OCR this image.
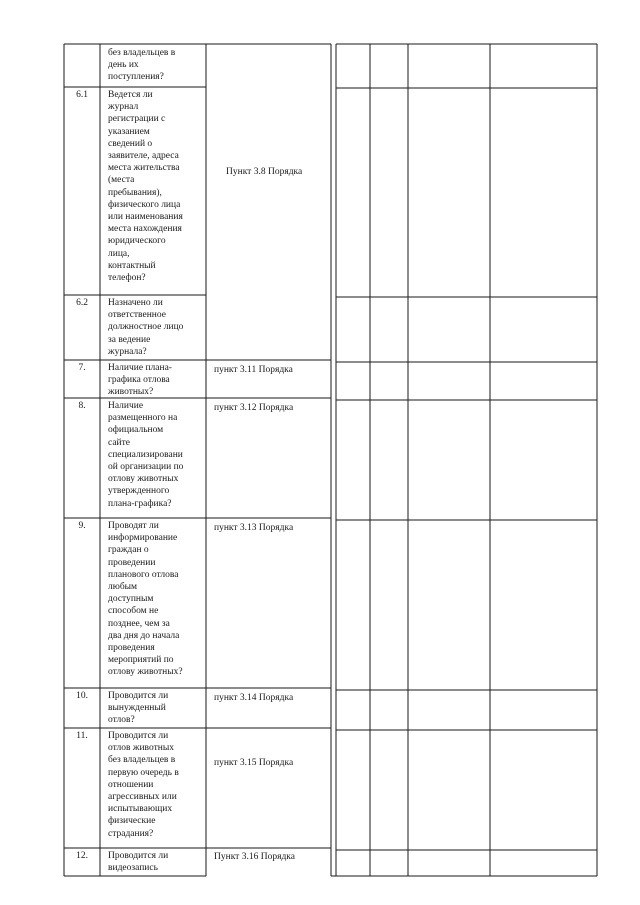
без владельцев в
день их
поступления?
6.1	Ведется ли
журнал
регистрации с
указанием
сведений о
заявителе, адреса
места жительства
(места
пребывания),
физического лица
или наименования
места нахождения
юридического
лица,
контактный
телефон?
Пункт 3.8 Порядка
6.2	Назначено ли
ответственное
должностное лицо
за ведение
журнала?
7.	Наличие плана-
графика отлова
животных?
пункт 3.11 Порядка
8.	Наличие
размещенного на
официальном
сайте
специализировани
ой организации по
отлову животных
утвержденного
плана-графика?
пункт 3.12 Порядка
9.	Проводят ли
информирование
граждан о
проведении
планового отлова
любым
доступным
способом не
позднее, чем за
два дня до начала
проведения
мероприятий по
отлову животных?
пункт 3.13 Порядка
10.	Проводится ли
вынужденный
отлов?
пункт 3.14 Порядка
11.	Проводится ли
отлов животных
без владельцев в
первую очередь в
отношении
агрессивных или
испытывающих
физические
страдания?
пункт 3.15 Порядка
12.	Проводится ли
видеозапись
Пункт 3.16 Порядка
